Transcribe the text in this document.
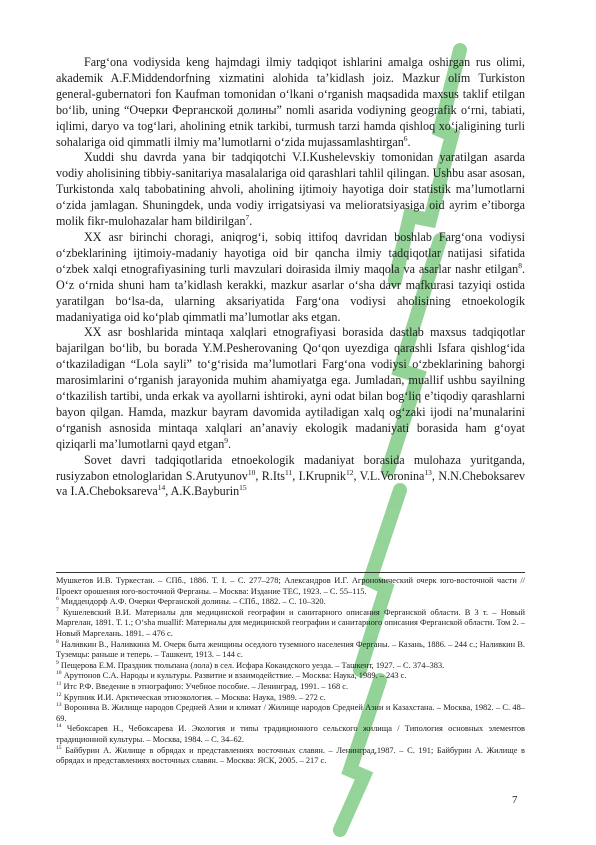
Farg‘ona vodiysida keng hajmdagi ilmiy tadqiqot ishlarini amalga oshirgan rus olimi, akademik A.F.Middendorfning xizmatini alohida ta’kidlash joiz. Mazkur olim Turkiston general-gubernatori fon Kaufman tomonidan o‘lkani o‘rganish maqsadida maxsus taklif etilgan bo‘lib, uning “Очерки Ферганской долины” nomli asarida vodiyning geografik o‘rni, tabiati, iqlimi, daryo va tog‘lari, aholining etnik tarkibi, turmush tarzi hamda qishloq xo‘jaligining turli sohalariga oid qimmatli ilmiy ma’lumotlarni o‘zida mujassamlashtirgan$^6$.

Xuddi shu davrda yana bir tadqiqotchi V.I.Kushelevskiy tomonidan yaratilgan asarda vodiy aholisining tibbiy-sanitariya masalalariga oid qarashlari tahlil qilingan. Ushbu asar asosan, Turkistonda xalq tabobatining ahvoli, aholining ijtimoiy hayotiga doir statistik ma’lumotlarni o‘zida jamlagan. Shuningdek, unda vodiy irrigatsiyasi va melioratsiyasiga oid ayrim e’tiborga molik fikr-mulohazalar ham bildirilgan$^7$.

XX asr birinchi choragi, aniqrog‘i, sobiq ittifoq davridan boshlab Farg‘ona vodiysi o‘zbeklarining ijtimoiy-madaniy hayotiga oid bir qancha ilmiy tadqiqotlar natijasi sifatida o‘zbek xalqi etnografiyasining turli mavzulari doirasida ilmiy maqola va asarlar nashr etilgan$^8$. O‘z o‘rnida shuni ham ta’kidlash kerakki, mazkur asarlar o‘sha davr mafkurasi tazyiqi ostida yaratilgan bo‘lsa-da, ularning aksariyatida Farg‘ona vodiysi aholisining etnoekologik madaniyatiga oid ko‘plab qimmatli ma’lumotlar aks etgan.

XX asr boshlarida mintaqa xalqlari etnografiyasi borasida dastlab maxsus tadqiqotlar bajarilgan bo‘lib, bu borada Y.M.Pesherovaning Qo‘qon uyezdiga qarashli Isfara qishlog‘ida o‘tkaziladigan “Lola sayli” to‘g‘risida ma’lumotlari Farg‘ona vodiysi o‘zbeklarining bahorgi marosimlarini o‘rganish jarayonida muhim ahamiyatga ega. Jumladan, muallif ushbu sayilning o‘tkazilish tartibi, unda erkak va ayollarni ishtiroki, ayni odat bilan bog‘liq e’tiqodiy qarashlarni bayon qilgan. Hamda, mazkur bayram davomida aytiladigan xalq og‘zaki ijodi na’munalarini o‘rganish asnosida mintaqa xalqlari an’anaviy ekologik madaniyati borasida ham g‘oyat qiziqarli ma’lumotlarni qayd etgan$^9$.

Sovet davri tadqiqotlarida etnoekologik madaniyat borasida mulohaza yuritganda, rusiyzabon etnologlaridan S.Arutyunov$^{10}$, R.Its$^{11}$, I.Krupnik$^{12}$, V.L.Voronina$^{13}$, N.N.Cheboksarev va I.A.Cheboksareva$^{14}$, A.K.Bayburin$^{15}$

Мушкетов И.В. Туркестан. – СПб., 1886. Т. I. – С. 277–278; Александров И.Г. Агрономический очерк юго-восточной части // Проект орошения юго-восточной Ферганы. – Москва: Издание ТЕС, 1923. – С. 55–115.

$^6$ Миддендорф А.Ф. Очерки Ферганской долины. – СПб., 1882. – С. 10–320.

$^7$ Кушелевский В.И. Материалы для медицинской географии и санитарного описания Ферганской области. В 3 т. – Новый Маргелан, 1891. Т. 1.; O‘sha muallif: Материалы для медицинской географии и санитарного описания Ферганской области. Том 2. – Новый Маргелань. 1891. – 476 с.

$^8$ Наливкин В., Наливкина М. Очерк быта женщины оседлого туземного населения Ферганы. – Казань, 1886. – 244 с.; Наливкин В. Туземцы: раньше и теперь. – Ташкент, 1913. – 144 с.

$^9$ Пещерова Е.М. Праздник тюльпана (лола) в сел. Исфара Кокандского уезда. – Ташкент, 1927. – С. 374–383.

$^{10}$ Арутюнов С.А. Народы и культуры. Развитие и взаимодействие. – Москва: Наука, 1989. – 243 с.

$^{11}$ Итс Р.Ф. Введение в этнографию: Учебное пособие. – Ленинград, 1991. – 168 с.

$^{12}$ Крупник И.И. Арктическая этноэкология. – Москва: Наука, 1989. – 272 с.

$^{13}$ Воронина В. Жилище народов Средней Азии и климат / Жилище народов Средней Азии и Казахстана. – Москва, 1982. – С. 48–69.

$^{14}$ Чебоксарев Н., Чебоксарева И. Экология и типы традиционного сельского жилища / Типология основных элементов традиционной культуры. – Москва, 1984. – С. 34–62.

$^{15}$ Байбурин А. Жилище в обрядах и представлениях восточных славян. – Ленинград,1987. – С. 191; Байбурин А. Жилище в обрядах и представлениях восточных славян. – Москва: ЯСК, 2005. – 217 с.

7
